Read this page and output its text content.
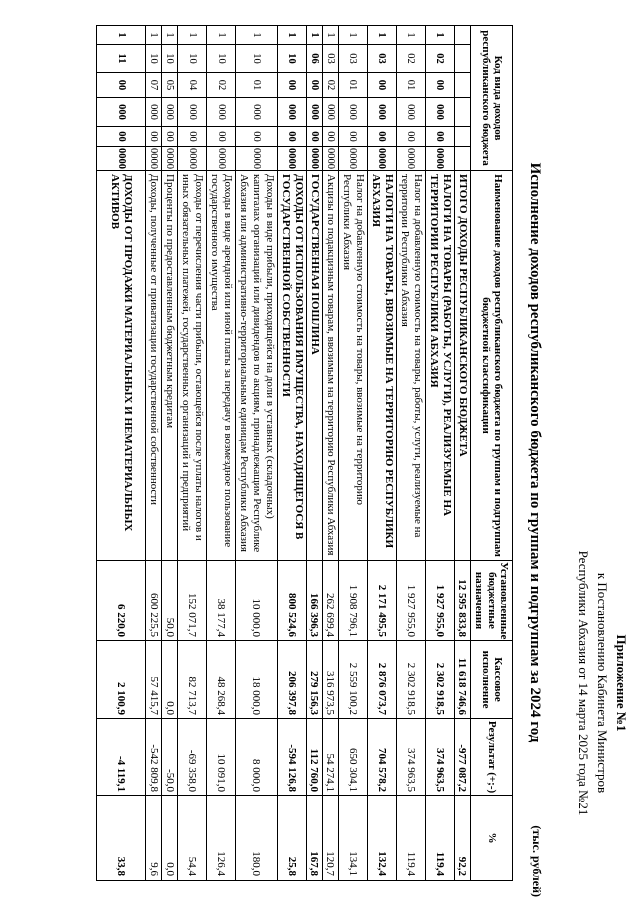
Приложение №1
к Постановлению Кабинета Министров
Республики Абхазия от 14 марта 2025 года №21
Исполнение доходов республиканского бюджета по группам и подгруппам за 2024 год
(тыс. рублей)
Код вида доходов республиканского бюджета						Наименование доходов республиканского бюджета по группам и подгруппам бюджетной классификации	Установленные бюджетные назначения	Кассовое исполнение	Результат (+;-)	%
						ИТОГО ДОХОДЫ РЕСПУБЛИКАНСКОГО БЮДЖЕТА	12 595 833,8	11 618 746,6	-977 087,2	92,2
1	02	00	000	00	0000	НАЛОГИ НА ТОВАРЫ (РАБОТЫ, УСЛУГИ), РЕАЛИЗУЕМЫЕ НА ТЕРРИТОРИИ РЕСПУБЛИКИ АБХАЗИЯ	1 927 955,0	2 302 918,5	374 963,5	119,4
1	02	01	000	00	0000	Налог на добавленную стоимость на товары, работы, услуги, реализуемые на территории Республики Абхазия	1 927 955,0	2 302 918,5	374 963,5	119,4
1	03	00	000	00	0000	НАЛОГИ НА ТОВАРЫ, ВВОЗИМЫЕ НА ТЕРРИТОРИЮ РЕСПУБЛИКИ АБХАЗИЯ	2 171 495,5	2 876 073,7	704 578,2	132,4
1	03	01	000	00	0000	Налог на добавленную стоимость на товары, ввозимые на территорию Республики Абхазия	1 908 796,1	2 559 100,2	650 304,1	134,1
1	03	02	000	00	0000	Акцизы по подакцизным товарам, ввозимым на территорию Республики Абхазия	262 699,4	316 973,5	54 274,1	120,7
1	06	00	000	00	0000	ГОСУДАРСТВЕННАЯ ПОШЛИНА	166 396,3	279 156,3	112 760,0	167,8
1	10	00	000	00	0000	ДОХОДЫ ОТ ИСПОЛЬЗОВАНИЯ ИМУЩЕСТВА, НАХОДЯЩЕГОСЯ В ГОСУДАРСТВЕННОЙ СОБСТВЕННОСТИ	800 524,6	206 397,8	-594 126,8	25,8
1	10	01	000	00	0000	Доходы в виде прибыли, приходящейся на доли в уставных (складочных) капиталах организаций или дивидендов по акциям, принадлежащим Республике Абхазия или административно-территориальным единицам Республики Абхазия	10 000,0	18 000,0	8 000,0	180,0
1	10	02	000	00	0000	Доходы в виде арендной или иной платы за передачу в возмездное пользование государственного имущества	38 177,4	48 268,4	10 091,0	126,4
1	10	04	000	00	0000	Доходы от перечисления части прибыли, остающейся после уплаты налогов и иных обязательных платежей, государственных организаций и предприятий	152 071,7	82 713,7	-69 358,0	54,4
1	10	05	000	00	0000	Проценты по предоставленным бюджетным кредитам	50,0	0,0	-50,0	0,0
1	10	07	000	00	0000	Доходы, полученные от приватизации государственной собственности	600 225,5	57 415,7	-542 809,8	9,6
1	11	00	000	00	0000	ДОХОДЫ ОТ ПРОДАЖИ МАТЕРИАЛЬНЫХ И НЕМАТЕРИАЛЬНЫХ АКТИВОВ	6 220,0	2 100,9	-4 119,1	33,8
